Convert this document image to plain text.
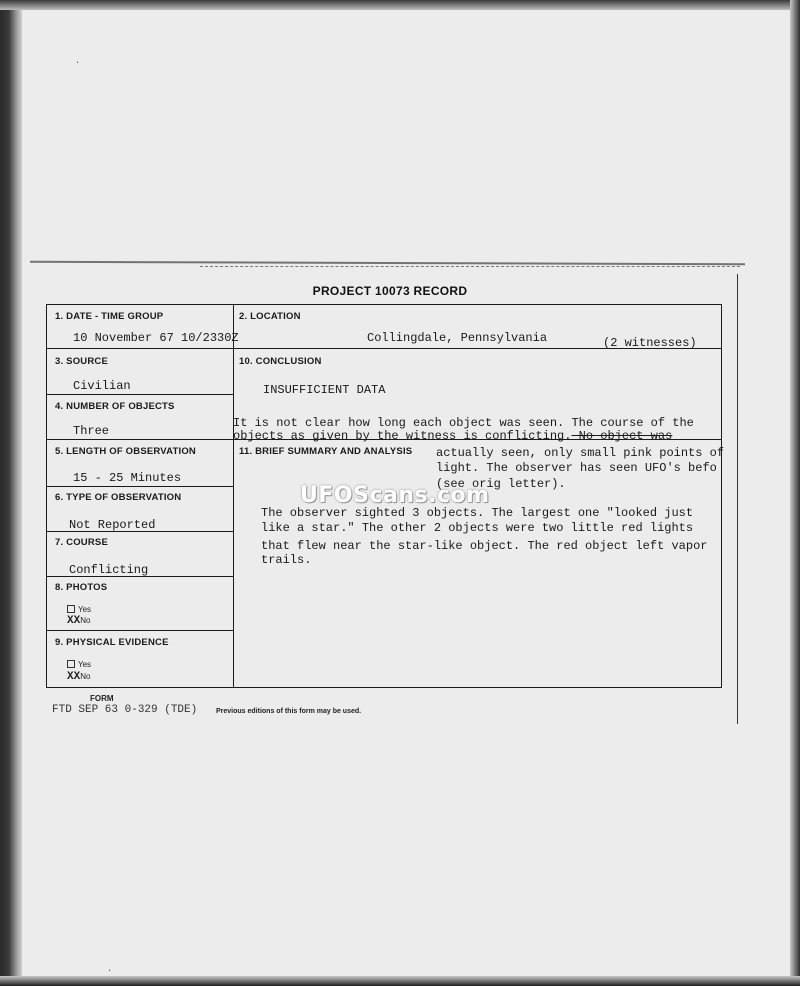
·
·
PROJECT 10073 RECORD
1. DATE - TIME GROUP
10 November 67 10/2330Z
2. LOCATION
Collingdale, Pennsylvania	(2 witnesses)
3. SOURCE
Civilian
10. CONCLUSION
INSUFFICIENT DATA
It is not clear how long each object was seen. The course of the
objects as given by the witness is conflicting. No object was
4. NUMBER OF OBJECTS
Three
5. LENGTH OF OBSERVATION
15 - 25 Minutes
11. BRIEF SUMMARY AND ANALYSIS actually seen, only small pink points of
light. The observer has seen UFO's befo
(see orig letter).
The observer sighted 3 objects. The largest one "looked just
like a star." The other 2 objects were two little red lights
that flew near the star-like object. The red object left vapor
trails.
6. TYPE OF OBSERVATION
Not Reported
7. COURSE
Conflicting
8. PHOTOS
Yes
XXNo
9. PHYSICAL EVIDENCE
Yes
XXNo
UFOScans.com
FORM
FTD SEP 63 0-329 (TDE)	Previous editions of this form may be used.
